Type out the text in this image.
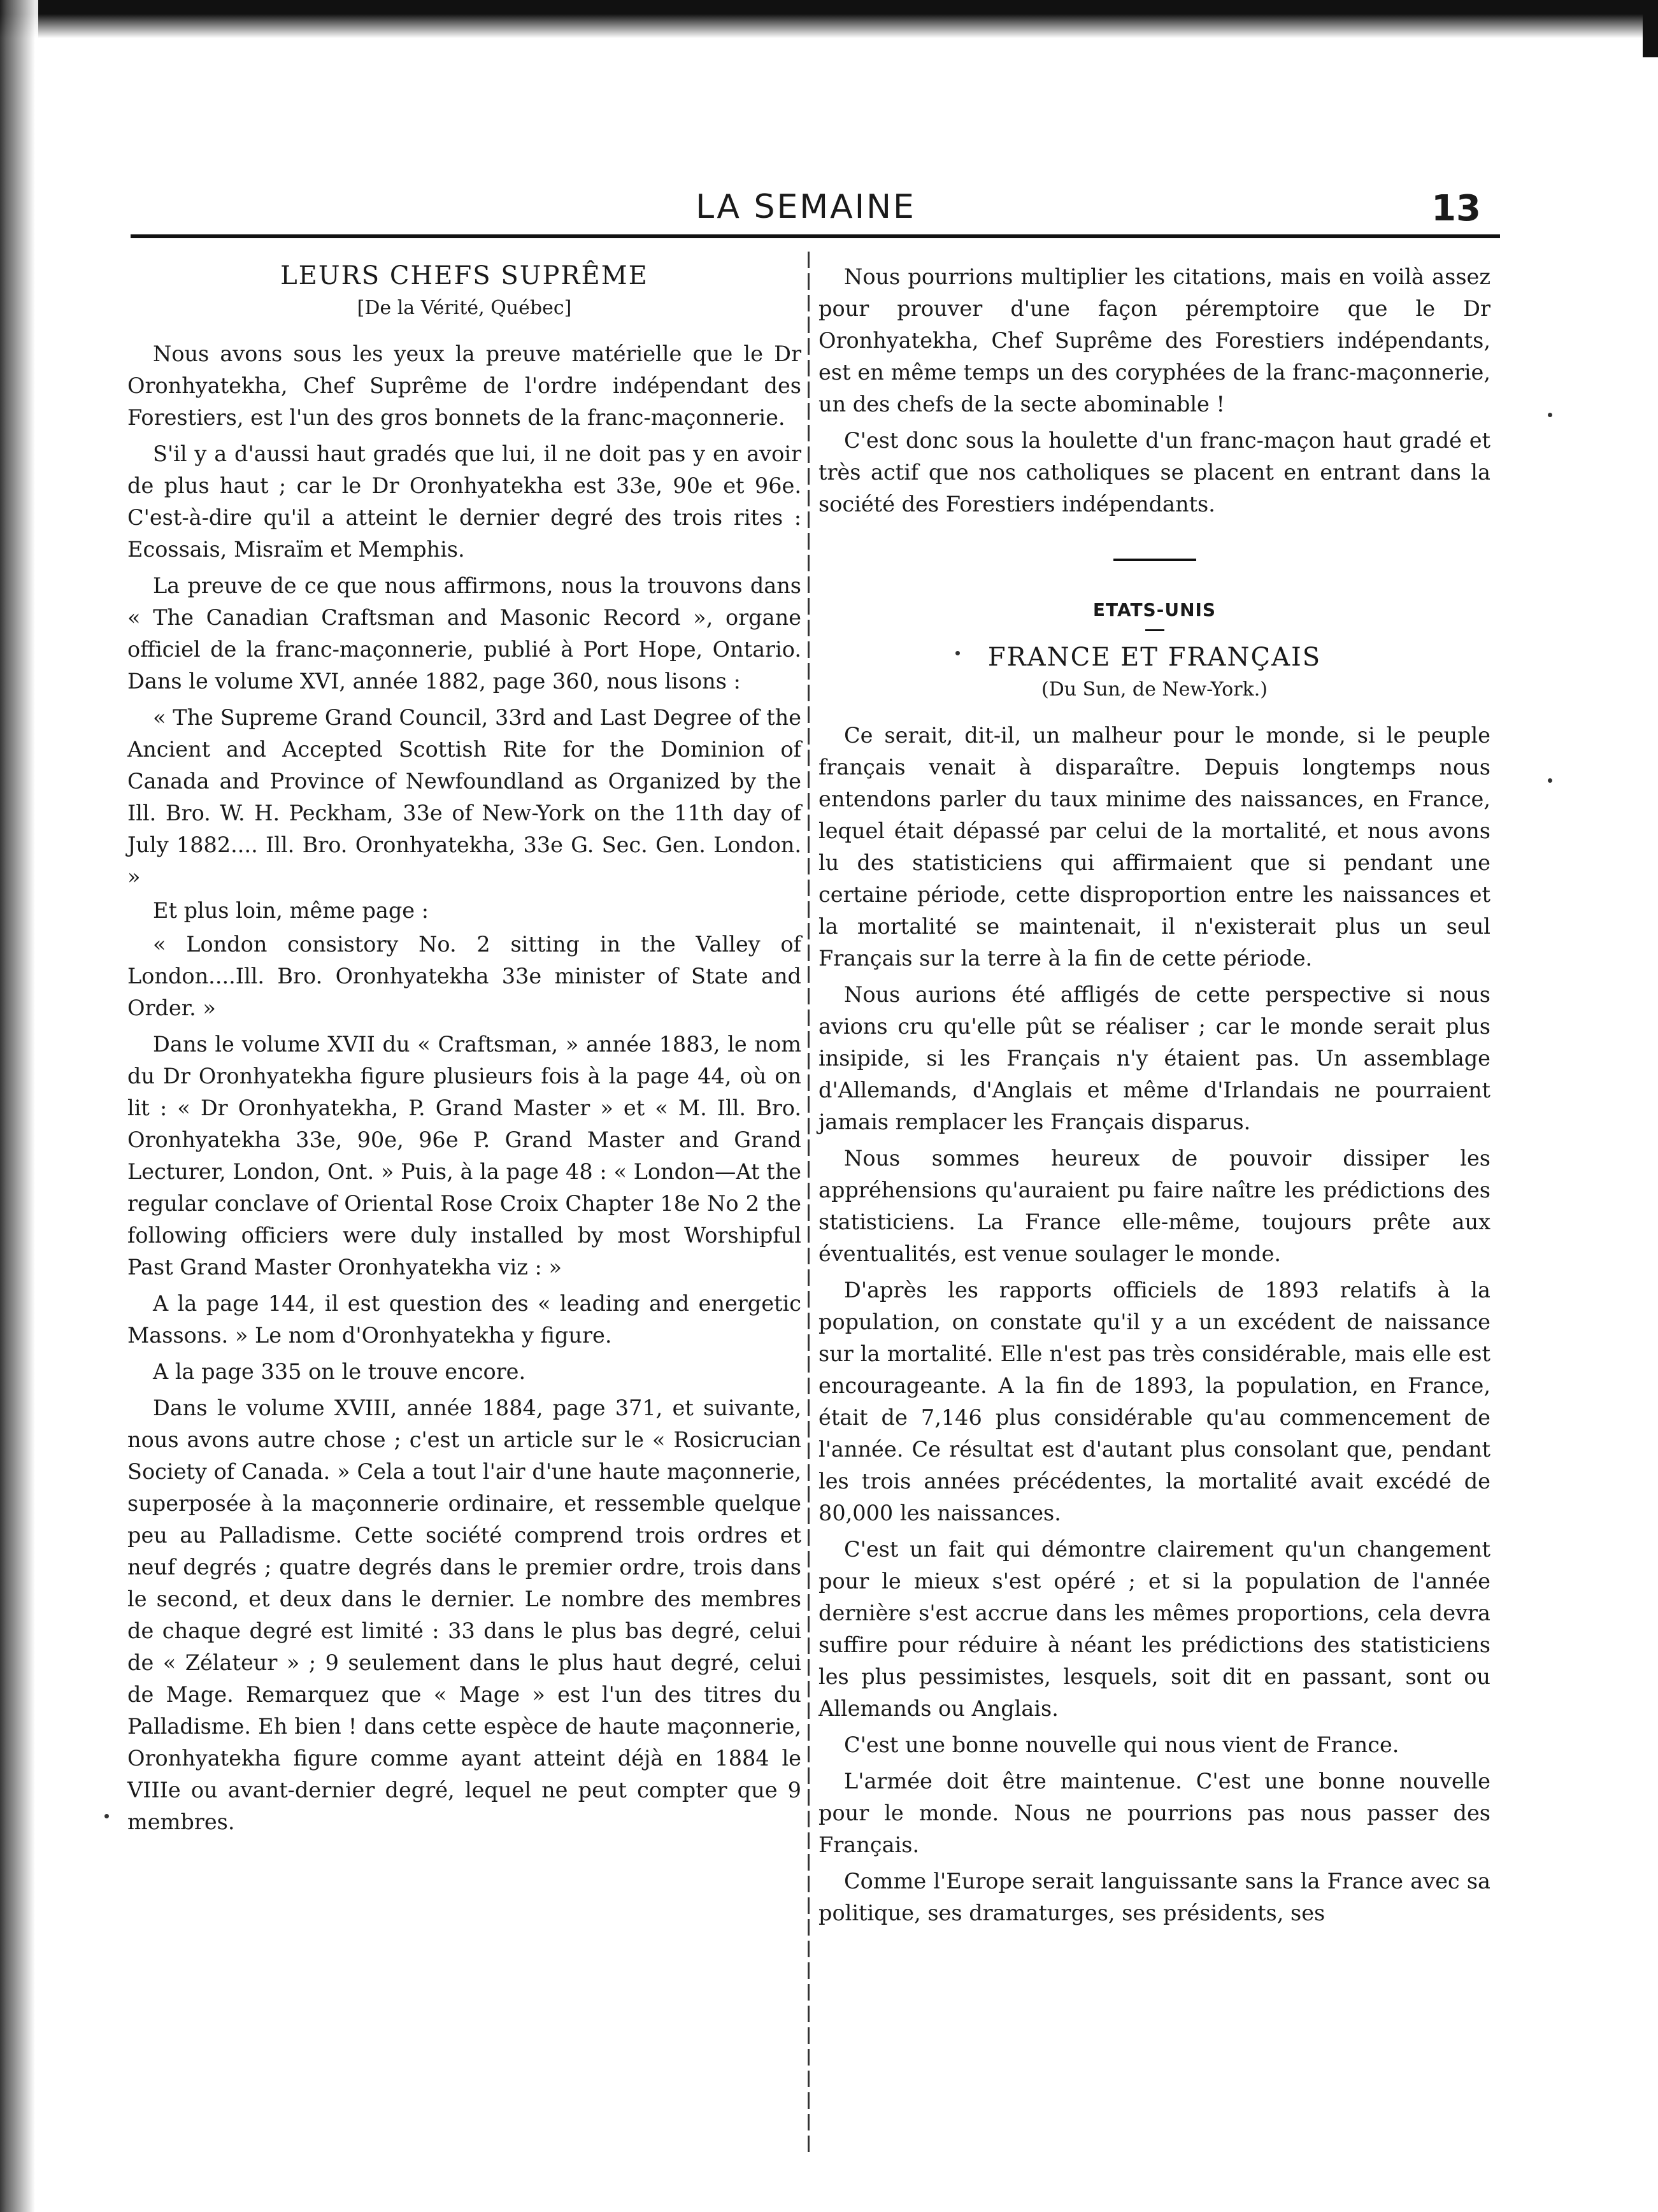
LA SEMAINE	13
LEURS CHEFS SUPRÊME
[De la Vérité, Québec]

Nous avons sous les yeux la preuve matérielle que le Dr Oronhyatekha, Chef Suprême de l'ordre indépendant des Forestiers, est l'un des gros bonnets de la franc-maçonnerie.

S'il y a d'aussi haut gradés que lui, il ne doit pas y en avoir de plus haut ; car le Dr Oronhyatekha est 33e, 90e et 96e. C'est-à-dire qu'il a atteint le dernier degré des trois rites : Ecossais, Misraïm et Memphis.

La preuve de ce que nous affirmons, nous la trouvons dans « The Canadian Craftsman and Masonic Record », organe officiel de la franc-maçonnerie, publié à Port Hope, Ontario. Dans le volume XVI, année 1882, page 360, nous lisons :

« The Supreme Grand Council, 33rd and Last Degree of the Ancient and Accepted Scottish Rite for the Dominion of Canada and Province of Newfoundland as Organized by the Ill. Bro. W. H. Peckham, 33e of New-York on the 11th day of July 1882.... Ill. Bro. Oronhyatekha, 33e G. Sec. Gen. London. »

Et plus loin, même page :

« London consistory No. 2 sitting in the Valley of London....Ill. Bro. Oronhyatekha 33e minister of State and Order. »

Dans le volume XVII du « Craftsman, » année 1883, le nom du Dr Oronhyatekha figure plusieurs fois à la page 44, où on lit : « Dr Oronhyatekha, P. Grand Master » et « M. Ill. Bro. Oronhyatekha 33e, 90e, 96e P. Grand Master and Grand Lecturer, London, Ont. » Puis, à la page 48 : « London—At the regular conclave of Oriental Rose Croix Chapter 18e No 2 the following officiers were duly installed by most Worshipful Past Grand Master Oronhyatekha viz : »

A la page 144, il est question des « leading and energetic Massons. » Le nom d'Oronhyatekha y figure.

A la page 335 on le trouve encore.

Dans le volume XVIII, année 1884, page 371, et suivante, nous avons autre chose ; c'est un article sur le « Rosicrucian Society of Canada. » Cela a tout l'air d'une haute maçonnerie, superposée à la maçonnerie ordinaire, et ressemble quelque peu au Palladisme. Cette société comprend trois ordres et neuf degrés ; quatre degrés dans le premier ordre, trois dans le second, et deux dans le dernier. Le nombre des membres de chaque degré est limité : 33 dans le plus bas degré, celui de « Zélateur » ; 9 seulement dans le plus haut degré, celui de Mage. Remarquez que « Mage » est l'un des titres du Palladisme. Eh bien ! dans cette espèce de haute maçonnerie, Oronhyatekha figure comme ayant atteint déjà en 1884 le VIIIe ou avant-dernier degré, lequel ne peut compter que 9 membres.

Nous pourrions multiplier les citations, mais en voilà assez pour prouver d'une façon péremptoire que le Dr Oronhyatekha, Chef Suprême des Forestiers indépendants, est en même temps un des coryphées de la franc-maçonnerie, un des chefs de la secte abominable !

C'est donc sous la houlette d'un franc-maçon haut gradé et très actif que nos catholiques se placent en entrant dans la société des Forestiers indépendants.

ETATS-UNIS
FRANCE ET FRANÇAIS
(Du Sun, de New-York.)

Ce serait, dit-il, un malheur pour le monde, si le peuple français venait à disparaître. Depuis longtemps nous entendons parler du taux minime des naissances, en France, lequel était dépassé par celui de la mortalité, et nous avons lu des statisticiens qui affirmaient que si pendant une certaine période, cette disproportion entre les naissances et la mortalité se maintenait, il n'existerait plus un seul Français sur la terre à la fin de cette période.

Nous aurions été affligés de cette perspective si nous avions cru qu'elle pût se réaliser ; car le monde serait plus insipide, si les Français n'y étaient pas. Un assemblage d'Allemands, d'Anglais et même d'Irlandais ne pourraient jamais remplacer les Français disparus.

Nous sommes heureux de pouvoir dissiper les appréhensions qu'auraient pu faire naître les prédictions des statisticiens. La France elle-même, toujours prête aux éventualités, est venue soulager le monde.

D'après les rapports officiels de 1893 relatifs à la population, on constate qu'il y a un excédent de naissance sur la mortalité. Elle n'est pas très considérable, mais elle est encourageante. A la fin de 1893, la population, en France, était de 7,146 plus considérable qu'au commencement de l'année. Ce résultat est d'autant plus consolant que, pendant les trois années précédentes, la mortalité avait excédé de 80,000 les naissances.

C'est un fait qui démontre clairement qu'un changement pour le mieux s'est opéré ; et si la population de l'année dernière s'est accrue dans les mêmes proportions, cela devra suffire pour réduire à néant les prédictions des statisticiens les plus pessimistes, lesquels, soit dit en passant, sont ou Allemands ou Anglais.

C'est une bonne nouvelle qui nous vient de France.

L'armée doit être maintenue. C'est une bonne nouvelle pour le monde. Nous ne pourrions pas nous passer des Français.

Comme l'Europe serait languissante sans la France avec sa politique, ses dramaturges, ses présidents, ses
